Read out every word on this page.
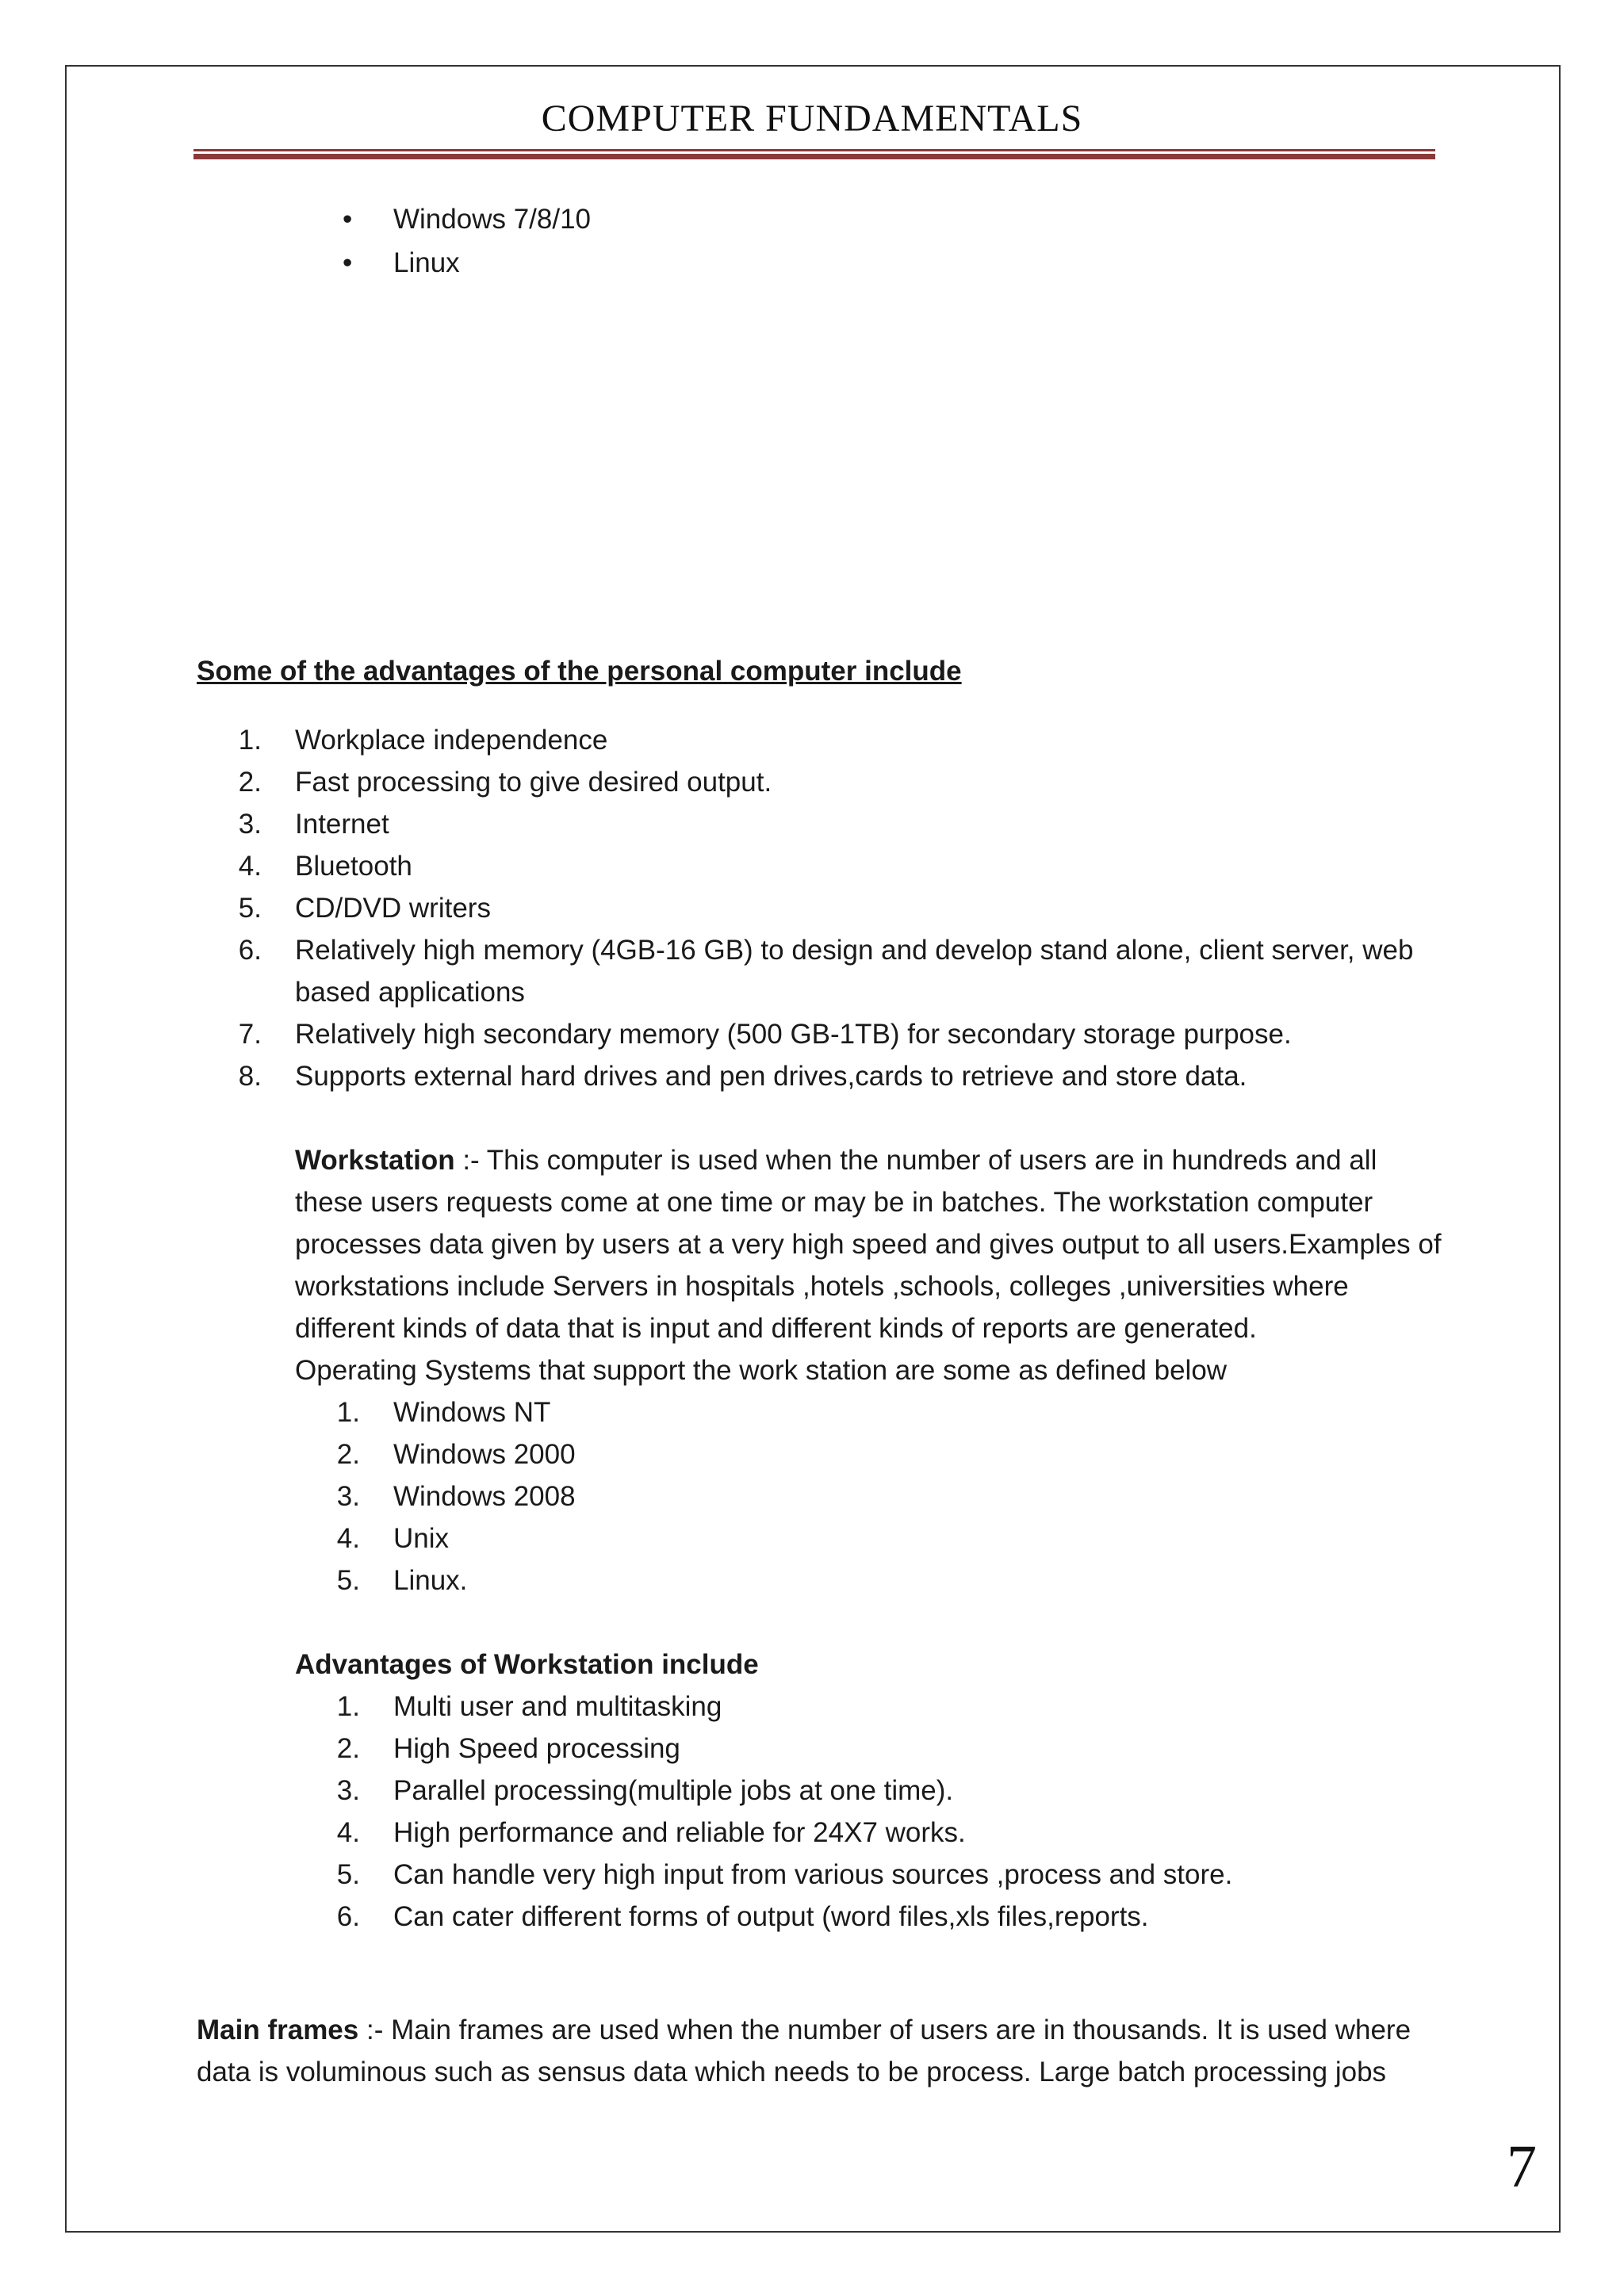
COMPUTER FUNDAMENTALS
• Windows 7/8/10
• Linux
Some of the advantages of the personal computer include
1. Workplace independence
2. Fast processing to give desired output.
3. Internet
4. Bluetooth
5. CD/DVD writers
6. Relatively high memory (4GB-16 GB) to design and develop stand alone, client server, web
based applications
7. Relatively high secondary memory (500 GB-1TB) for secondary storage purpose.
8. Supports external hard drives and pen drives,cards to retrieve and store data.
Workstation :- This computer is used when the number of users are in hundreds and all
these users requests come at one time or may be in batches. The workstation computer
processes data given by users at a very high speed and gives output to all users.Examples of
workstations include Servers in hospitals ,hotels ,schools, colleges ,universities where
different kinds of data that is input and different kinds of reports are generated.
Operating Systems that support the work station are some as defined below
1. Windows NT
2. Windows 2000
3. Windows 2008
4. Unix
5. Linux.
Advantages of Workstation include
1. Multi user and multitasking
2. High Speed processing
3. Parallel processing(multiple jobs at one time).
4. High performance and reliable for 24X7 works.
5. Can handle very high input from various sources ,process and store.
6. Can cater different forms of output (word files,xls files,reports.
Main frames :- Main frames are used when the number of users are in thousands. It is used where
data is voluminous such as sensus data which needs to be process. Large batch processing jobs
7
